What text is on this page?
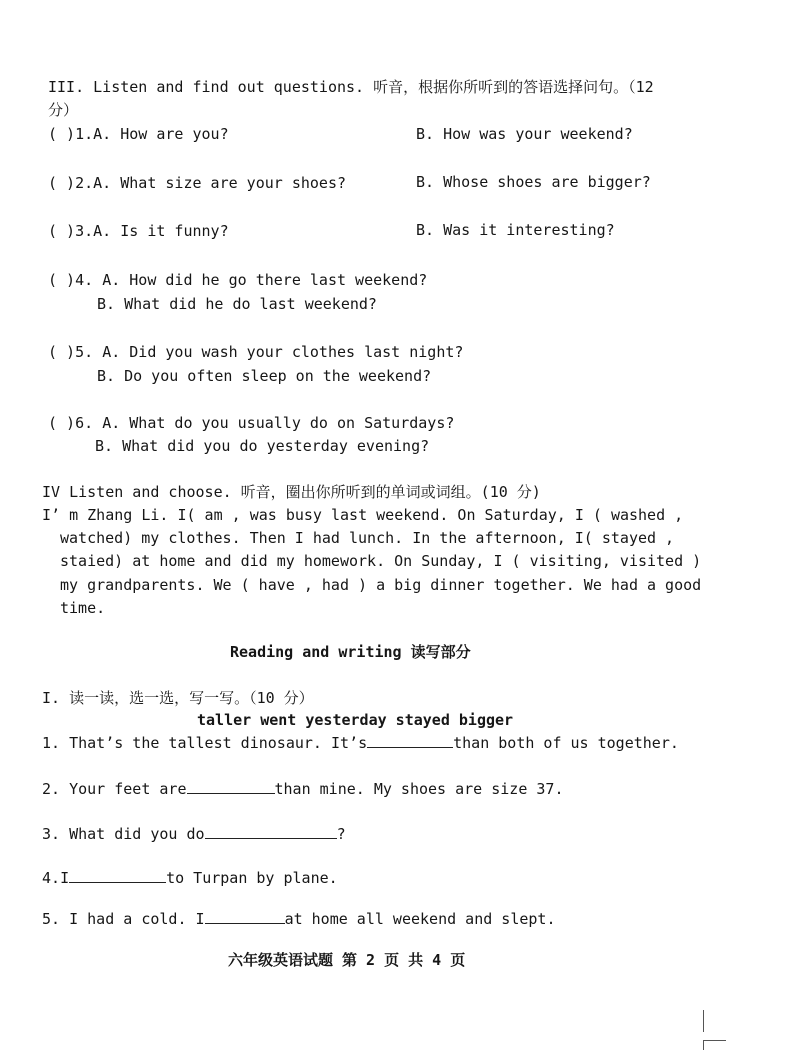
III. Listen and find out questions. 听音，根据你所听到的答语选择问句。（12
分）
( )1.A. How are you?	B. How was your weekend?
( )2.A. What size are your shoes?	B. Whose shoes are bigger?
( )3.A. Is it funny?	B. Was it interesting?
( )4. A. How did he go there last weekend?
B. What did he do last weekend?
( )5. A. Did you wash your clothes last night?
B. Do you often sleep on the weekend?
( )6. A. What do you usually do on Saturdays?
B. What did you do yesterday evening?
IV Listen and choose. 听音，圈出你所听到的单词或词组。(10 分)
I’ m Zhang Li. I( am , was busy last weekend. On Saturday, I ( washed ,
watched) my clothes. Then I had lunch. In the afternoon, I( stayed ,
staied) at home and did my homework. On Sunday, I ( visiting, visited )
my grandparents. We ( have , had ) a big dinner together. We had a good
time.
Reading and writing 读写部分
I. 读一读，选一选，写一写。（10 分）
taller went yesterday stayed bigger
1. That’s the tallest dinosaur. It’s	than both of us together.
2. Your feet are	than mine. My shoes are size 37.
3. What did you do	?
4.I	to Turpan by plane.
5. I had a cold. I	at home all weekend and slept.
六年级英语试题 第 2 页 共 4 页
